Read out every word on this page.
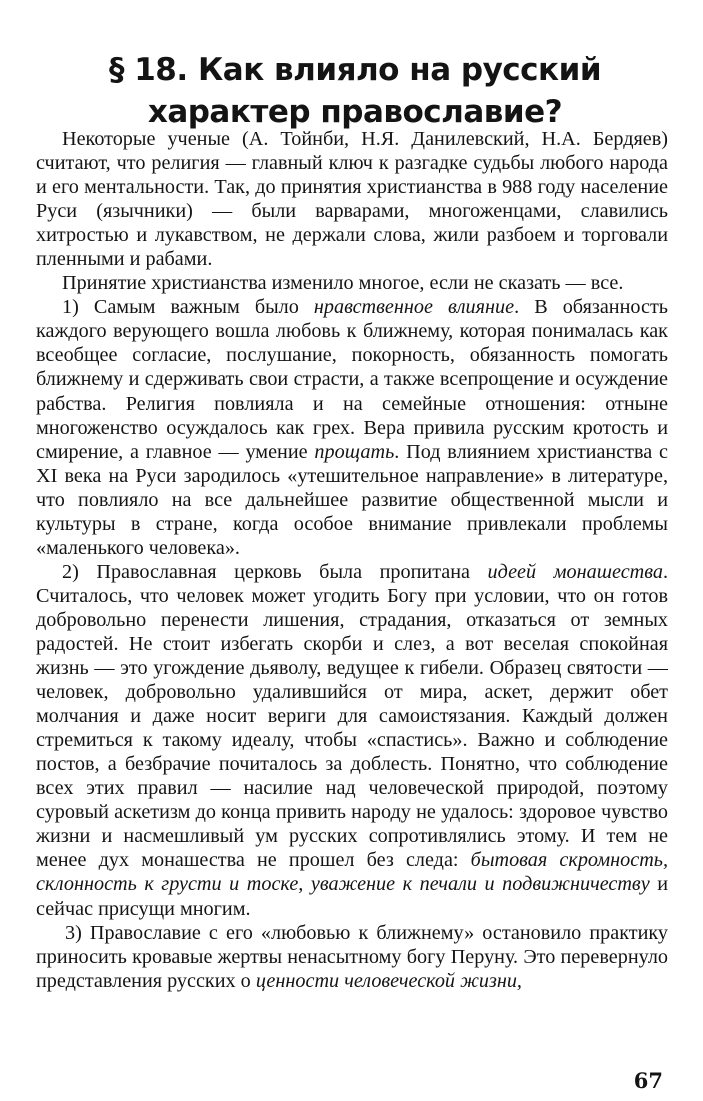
§ 18. Как влияло на русский
характер православие?

Некоторые ученые (А. Тойнби, Н.Я. Данилевский, Н.А. Бердяев) считают, что религия — главный ключ к разгадке судьбы любого народа и его ментальности. Так, до принятия христианства в 988 году население Руси (язычники) — были варварами, многоженцами, славились хитростью и лукавством, не держали слова, жили разбоем и торговали пленными и рабами.

Принятие христианства изменило многое, если не сказать — все.

1) Самым важным было нравственное влияние. В обязанность каждого верующего вошла любовь к ближнему, которая понималась как всеобщее согласие, послушание, покорность, обязанность помогать ближнему и сдерживать свои страсти, а также всепрощение и осуждение рабства. Религия повлияла и на семейные отношения: отныне многоженство осуждалось как грех. Вера привила русским кротость и смирение, а главное — умение прощать. Под влиянием христианства с XI века на Руси зародилось «утешительное направление» в литературе, что повлияло на все дальнейшее развитие общественной мысли и культуры в стране, когда особое внимание привлекали проблемы «маленького человека».

2) Православная церковь была пропитана идеей монашества. Считалось, что человек может угодить Богу при условии, что он готов добровольно перенести лишения, страдания, отказаться от земных радостей. Не стоит избегать скорби и слез, а вот веселая спокойная жизнь — это угождение дьяволу, ведущее к гибели. Образец святости — человек, добровольно удалившийся от мира, аскет, держит обет молчания и даже носит вериги для самоистязания. Каждый должен стремиться к такому идеалу, чтобы «спастись». Важно и соблюдение постов, а безбрачие почиталось за доблесть. Понятно, что соблюдение всех этих правил — насилие над человеческой природой, поэтому суровый аскетизм до конца привить народу не удалось: здоровое чувство жизни и насмешливый ум русских сопротивлялись этому. И тем не менее дух монашества не прошел без следа: бытовая скромность, склонность к грусти и тоске, уважение к печали и подвижничеству и сейчас присущи многим.

3) Православие с его «любовью к ближнему» остановило практику приносить кровавые жертвы ненасытному богу Перуну. Это перевернуло представления русских о ценности человеческой жизни,

67
